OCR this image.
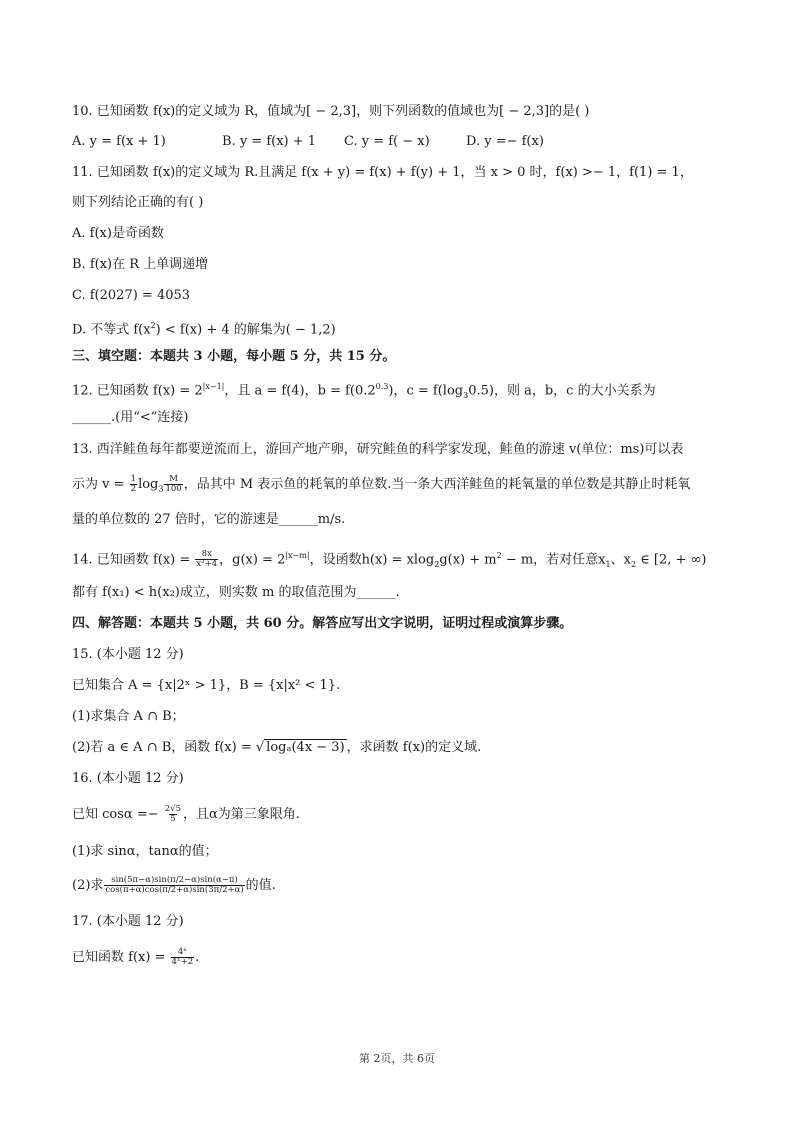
10. 已知函数 f(x)的定义域为 R，值域为[ − 2,3]，则下列函数的值域也为[ − 2,3]的是( )
A. y = f(x + 1)	B. y = f(x) + 1 C. y = f( − x)	D. y =− f(x)
11. 已知函数 f(x)的定义域为 R.且满足 f(x + y) = f(x) + f(y) + 1，当 x > 0 时，f(x) >− 1，f(1) = 1，
则下列结论正确的有( )
A. f(x)是奇函数
B. f(x)在 R 上单调递增
C. f(2027) = 4053
D. 不等式 $f(x^2) < f(x) + 4$ 的解集为( − 1,2)
三、填空题：本题共 3 小题，每小题 5 分，共 15 分。
12. 已知函数 $f(x) = 2^{|x-1|}$，且 a = f(4)，$b = f(0.2^{0.3})$，$c = f(\log_30.5)$，则 a，b，c 的大小关系为
______.(用“<”连接)
13. 西洋鲑鱼每年都要逆流而上，游回产地产卵，研究鲑鱼的科学家发现，鲑鱼的游速 v(单位：ms)可以表
示为 $v = \frac{1}{2} \log_3 \frac{M}{100}$ ，品其中 M 表示鱼的耗氧的单位数.当一条大西洋鲑鱼的耗氧量的单位数是其静止时耗氧
量的单位数的 27 倍时，它的游速是______m/s.
14. 已知函数 $f(x) = \frac{8x}{\text{x²+4}}$ ，$g(x) = 2^{|x-m|}$，设函数$h(x) = xlog_2g(x) + m^2 - m$，若对任意$x_1$、$x_2$ ∈ [2, + ∞)
都有 f(x₁) < h(x₂)成立，则实数 m 的取值范围为______.
四、解答题：本题共 5 小题，共 60 分。解答应写出文字说明，证明过程或演算步骤。
15. (本小题 12 分)
已知集合 A = {x|2ˣ > 1}，B = {x|x² < 1}.
(1)求集合 A ∩ B；
(2)若 a ∈ A ∩ B，函数 f(x) = √ logₐ(4x − 3) ，求函数 f(x)的定义域.
16. (本小题 12 分)
已知 $\cos\alpha =- \frac{2√5}{5}$ ，且α为第三象限角.
(1)求 sinα，tanα的值；
(2)求 $\frac{\sin(5\pi-\alpha)\sin(\pi/2-\alpha)\sin(\alpha-\pi)}{\cos(\pi+\alpha)\cos(\pi/2+\alpha)\sin(3\pi/2+\alpha)}$ 的值.
17. (本小题 12 分)
已知函数 $f(x) = \frac{\text{4ˣ}}{\text{4ˣ+2}}$ .
第 2页，共 6页
